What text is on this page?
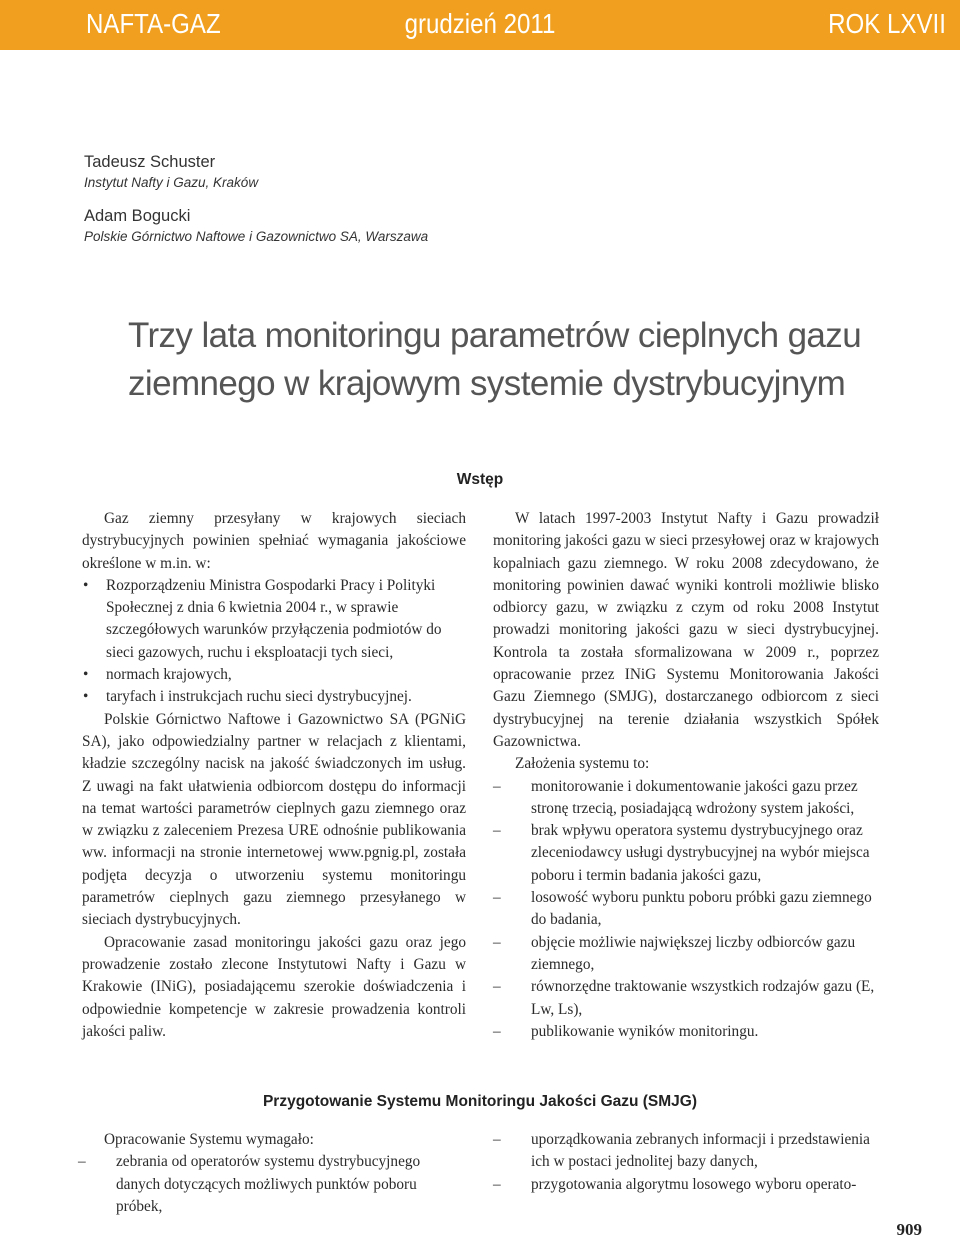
NAFTA-GAZ	grudzień 2011	ROK LXVII

Tadeusz Schuster

Instytut Nafty i Gazu, Kraków

Adam Bogucki

Polskie Górnictwo Naftowe i Gazownictwo SA, Warszawa

Trzy lata monitoringu parametrów cieplnych gazu ziemnego w krajowym systemie dystrybucyjnym
Wstęp

Gaz ziemny przesyłany w krajowych sieciach dystrybucyjnych powinien spełniać wymagania jakościowe określone w m.in. w:

• Rozporządzeniu Ministra Gospodarki Pracy i Polityki Społecznej z dnia 6 kwietnia 2004 r., w sprawie szczegółowych warunków przyłączenia podmiotów do sieci gazowych, ruchu i eksploatacji tych sieci,
• normach krajowych,
• taryfach i instrukcjach ruchu sieci dystrybucyjnej.

Polskie Górnictwo Naftowe i Gazownictwo SA (PGNiG SA), jako odpowiedzialny partner w relacjach z klientami, kładzie szczególny nacisk na jakość świadczonych im usług. Z uwagi na fakt ułatwienia odbiorcom dostępu do informacji na temat wartości parametrów cieplnych gazu ziemnego oraz w związku z zaleceniem Prezesa URE odnośnie publikowania ww. informacji na stronie internetowej www.pgnig.pl, została podjęta decyzja o utworzeniu systemu monitoringu parametrów cieplnych gazu ziemnego przesyłanego w sieciach dystrybucyjnych.

Opracowanie zasad monitoringu jakości gazu oraz jego prowadzenie zostało zlecone Instytutowi Nafty i Gazu w Krakowie (INiG), posiadającemu szerokie doświadczenia i odpowiednie kompetencje w zakresie prowadzenia kontroli jakości paliw.

W latach 1997-2003 Instytut Nafty i Gazu prowadził monitoring jakości gazu w sieci przesyłowej oraz w krajowych kopalniach gazu ziemnego. W roku 2008 zdecydowano, że monitoring powinien dawać wyniki kontroli możliwie blisko odbiorcy gazu, w związku z czym od roku 2008 Instytut prowadzi monitoring jakości gazu w sieci dystrybucyjnej. Kontrola ta została sformalizowana w 2009 r., poprzez opracowanie przez INiG Systemu Monitorowania Jakości Gazu Ziemnego (SMJG), dostarczanego odbiorcom z sieci dystrybucyjnej na terenie działania wszystkich Spółek Gazownictwa.

Założenia systemu to:

– monitorowanie i dokumentowanie jakości gazu przez stronę trzecią, posiadającą wdrożony system jakości,
– brak wpływu operatora systemu dystrybucyjnego oraz zleceniodawcy usługi dystrybucyjnej na wybór miejsca poboru i termin badania jakości gazu,
– losowość wyboru punktu poboru próbki gazu ziemnego do badania,
– objęcie możliwie największej liczby odbiorców gazu ziemnego,
– równorzędne traktowanie wszystkich rodzajów gazu (E, Lw, Ls),
– publikowanie wyników monitoringu.
Przygotowanie Systemu Monitoringu Jakości Gazu (SMJG)

Opracowanie Systemu wymagało:

– zebrania od operatorów systemu dystrybucyjnego danych dotyczących możliwych punktów poboru próbek,
– uporządkowania zebranych informacji i przedstawienia ich w postaci jednolitej bazy danych,
– przygotowania algorytmu losowego wyboru operato-
909
